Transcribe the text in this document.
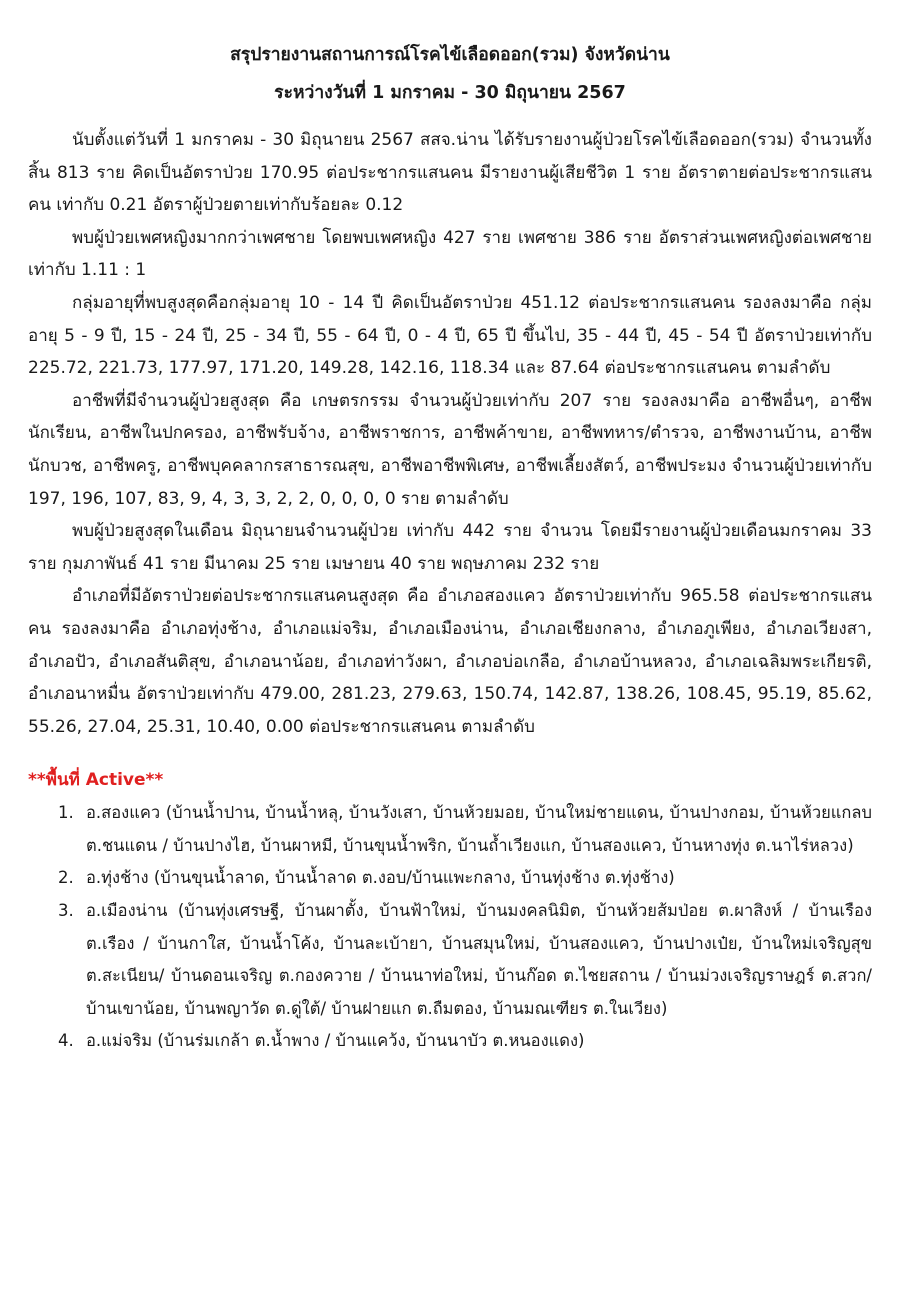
สรุปรายงานสถานการณ์โรคไข้เลือดออก(รวม) จังหวัดน่าน

ระหว่างวันที่ 1 มกราคม - 30 มิถุนายน 2567

นับตั้งแต่วันที่ 1 มกราคม - 30 มิถุนายน 2567 สสจ.น่าน ได้รับรายงานผู้ป่วยโรคไข้เลือดออก(รวม) จำนวนทั้งสิ้น 813 ราย คิดเป็นอัตราป่วย 170.95 ต่อประชากรแสนคน มีรายงานผู้เสียชีวิต 1 ราย อัตราตายต่อประชากรแสนคน เท่ากับ 0.21 อัตราผู้ป่วยตายเท่ากับร้อยละ 0.12

พบผู้ป่วยเพศหญิงมากกว่าเพศชาย โดยพบเพศหญิง 427 ราย เพศชาย 386 ราย อัตราส่วนเพศหญิงต่อเพศชาย เท่ากับ 1.11 : 1

กลุ่มอายุที่พบสูงสุดคือกลุ่มอายุ 10 - 14 ปี คิดเป็นอัตราป่วย 451.12 ต่อประชากรแสนคน รองลงมาคือ กลุ่มอายุ 5 - 9 ปี, 15 - 24 ปี, 25 - 34 ปี, 55 - 64 ปี, 0 - 4 ปี, 65 ปี ขึ้นไป, 35 - 44 ปี, 45 - 54 ปี อัตราป่วยเท่ากับ 225.72, 221.73, 177.97, 171.20, 149.28, 142.16, 118.34 และ 87.64 ต่อประชากรแสนคน ตามลำดับ

อาชีพที่มีจำนวนผู้ป่วยสูงสุด คือ เกษตรกรรม จำนวนผู้ป่วยเท่ากับ 207 ราย รองลงมาคือ อาชีพอื่นๆ, อาชีพนักเรียน, อาชีพในปกครอง, อาชีพรับจ้าง, อาชีพราชการ, อาชีพค้าขาย, อาชีพทหาร/ตำรวจ, อาชีพงานบ้าน, อาชีพนักบวช, อาชีพครู, อาชีพบุคคลากรสาธารณสุข, อาชีพอาชีพพิเศษ, อาชีพเลี้ยงสัตว์, อาชีพประมง จำนวนผู้ป่วยเท่ากับ 197, 196, 107, 83, 9, 4, 3, 3, 2, 2, 0, 0, 0, 0 ราย ตามลำดับ

พบผู้ป่วยสูงสุดในเดือน มิถุนายนจำนวนผู้ป่วย เท่ากับ 442 ราย จำนวน โดยมีรายงานผู้ป่วยเดือนมกราคม 33 ราย กุมภาพันธ์ 41 ราย มีนาคม 25 ราย เมษายน 40 ราย พฤษภาคม 232 ราย

อำเภอที่มีอัตราป่วยต่อประชากรแสนคนสูงสุด คือ อำเภอสองแคว อัตราป่วยเท่ากับ 965.58 ต่อประชากรแสนคน รองลงมาคือ อำเภอทุ่งช้าง, อำเภอแม่จริม, อำเภอเมืองน่าน, อำเภอเชียงกลาง, อำเภอภูเพียง, อำเภอเวียงสา, อำเภอปัว, อำเภอสันติสุข, อำเภอนาน้อย, อำเภอท่าวังผา, อำเภอบ่อเกลือ, อำเภอบ้านหลวง, อำเภอเฉลิมพระเกียรติ, อำเภอนาหมื่น อัตราป่วยเท่ากับ 479.00, 281.23, 279.63, 150.74, 142.87, 138.26, 108.45, 95.19, 85.62, 55.26, 27.04, 25.31, 10.40, 0.00 ต่อประชากรแสนคน ตามลำดับ

**พื้นที่ Active**

1. อ.สองแคว (บ้านน้ำปาน, บ้านน้ำหลุ, บ้านวังเสา, บ้านห้วยมอย, บ้านใหม่ชายแดน, บ้านปางกอม, บ้านห้วยแกลบ ต.ชนแดน / บ้านปางไฮ, บ้านผาหมี, บ้านขุนน้ำพริก, บ้านถ้ำเวียงแก, บ้านสองแคว, บ้านหางทุ่ง ต.นาไร่หลวง)
2. อ.ทุ่งช้าง (บ้านขุนน้ำลาด, บ้านน้ำลาด ต.งอบ/บ้านแพะกลาง, บ้านทุ่งช้าง ต.ทุ่งช้าง)
3. อ.เมืองน่าน (บ้านทุ่งเศรษฐี, บ้านผาตั้ง, บ้านฟ้าใหม่, บ้านมงคลนิมิต, บ้านห้วยส้มป่อย ต.ผาสิงห์ / บ้านเรือง ต.เรือง / บ้านกาใส, บ้านน้ำโค้ง, บ้านละเบ้ายา, บ้านสมุนใหม่, บ้านสองแคว, บ้านปางเป๋ย, บ้านใหม่เจริญสุข ต.สะเนียน/ บ้านดอนเจริญ ต.กองควาย / บ้านนาท่อใหม่, บ้านก๊อด ต.ไชยสถาน / บ้านม่วงเจริญราษฎร์ ต.สวก/ บ้านเขาน้อย, บ้านพญาวัด ต.ดู่ใต้/ บ้านฝายแก ต.ถืมตอง, บ้านมณเฑียร ต.ในเวียง)
4. อ.แม่จริม (บ้านร่มเกล้า ต.น้ำพาง / บ้านแคว้ง, บ้านนาบัว ต.หนองแดง)
